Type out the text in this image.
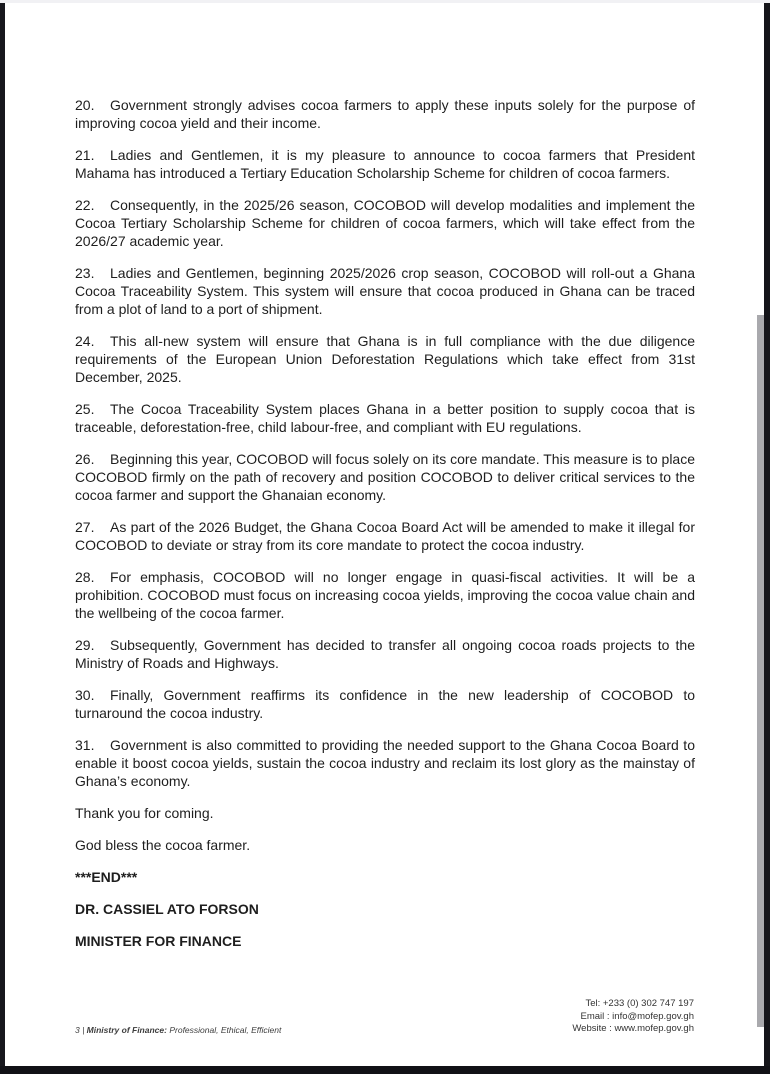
20. Government strongly advises cocoa farmers to apply these inputs solely for the purpose of improving cocoa yield and their income.

21. Ladies and Gentlemen, it is my pleasure to announce to cocoa farmers that President Mahama has introduced a Tertiary Education Scholarship Scheme for children of cocoa farmers.

22. Consequently, in the 2025/26 season, COCOBOD will develop modalities and implement the Cocoa Tertiary Scholarship Scheme for children of cocoa farmers, which will take effect from the 2026/27 academic year.

23. Ladies and Gentlemen, beginning 2025/2026 crop season, COCOBOD will roll-out a Ghana Cocoa Traceability System. This system will ensure that cocoa produced in Ghana can be traced from a plot of land to a port of shipment.

24. This all-new system will ensure that Ghana is in full compliance with the due diligence requirements of the European Union Deforestation Regulations which take effect from 31st December, 2025.

25. The Cocoa Traceability System places Ghana in a better position to supply cocoa that is traceable, deforestation-free, child labour-free, and compliant with EU regulations.

26. Beginning this year, COCOBOD will focus solely on its core mandate. This measure is to place COCOBOD firmly on the path of recovery and position COCOBOD to deliver critical services to the cocoa farmer and support the Ghanaian economy.

27. As part of the 2026 Budget, the Ghana Cocoa Board Act will be amended to make it illegal for COCOBOD to deviate or stray from its core mandate to protect the cocoa industry.

28. For emphasis, COCOBOD will no longer engage in quasi-fiscal activities. It will be a prohibition. COCOBOD must focus on increasing cocoa yields, improving the cocoa value chain and the wellbeing of the cocoa farmer.

29. Subsequently, Government has decided to transfer all ongoing cocoa roads projects to the Ministry of Roads and Highways.

30. Finally, Government reaffirms its confidence in the new leadership of COCOBOD to turnaround the cocoa industry.

31. Government is also committed to providing the needed support to the Ghana Cocoa Board to enable it boost cocoa yields, sustain the cocoa industry and reclaim its lost glory as the mainstay of Ghana’s economy.

Thank you for coming.

God bless the cocoa farmer.

***END***

DR. CASSIEL ATO FORSON

MINISTER FOR FINANCE

3 | Ministry of Finance: Professional, Ethical, Efficient
Tel: +233 (0) 302 747 197
Email : info@mofep.gov.gh
Website : www.mofep.gov.gh
